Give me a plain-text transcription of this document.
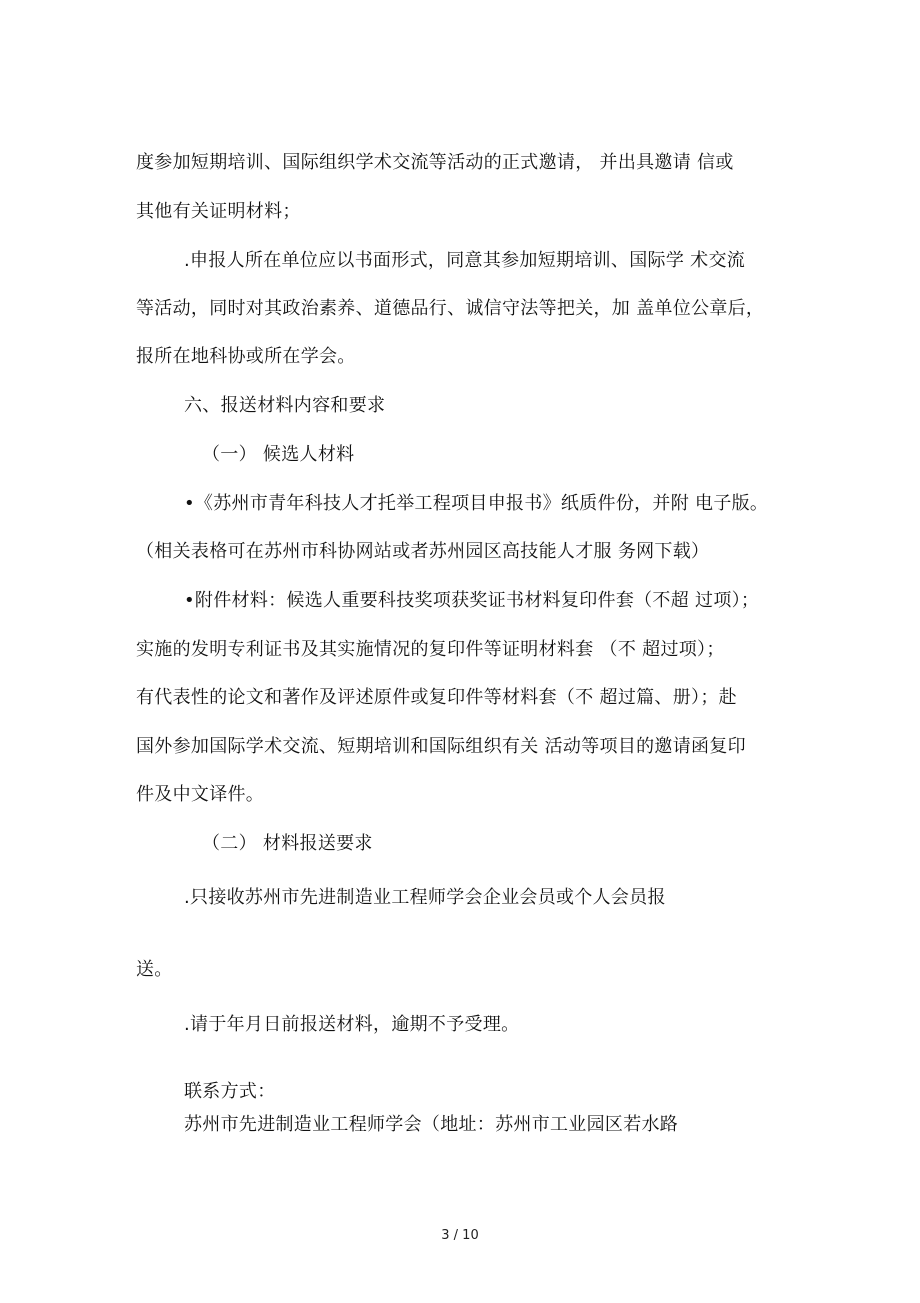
度参加短期培训、国际组织学术交流等活动的正式邀请， 并出具邀请 信或
其他有关证明材料；
.申报人所在单位应以书面形式，同意其参加短期培训、国际学 术交流
等活动，同时对其政治素养、道德品行、诚信守法等把关，加 盖单位公章后，
报所在地科协或所在学会。
六、报送材料内容和要求
（一） 候选人材料
•《苏州市青年科技人才托举工程项目申报书》纸质件份，并附 电子版。
（相关表格可在苏州市科协网站或者苏州园区高技能人才服 务网下载）
•附件材料：候选人重要科技奖项获奖证书材料复印件套（不超 过项）；
实施的发明专利证书及其实施情况的复印件等证明材料套 （不 超过项）；
有代表性的论文和著作及评述原件或复印件等材料套（不 超过篇、册）；赴
国外参加国际学术交流、短期培训和国际组织有关 活动等项目的邀请函复印
件及中文译件。
（二） 材料报送要求
.只接收苏州市先进制造业工程师学会企业会员或个人会员报
送。
.请于年月日前报送材料，逾期不予受理。
联系方式：
苏州市先进制造业工程师学会（地址：苏州市工业园区若水路
3 / 10
